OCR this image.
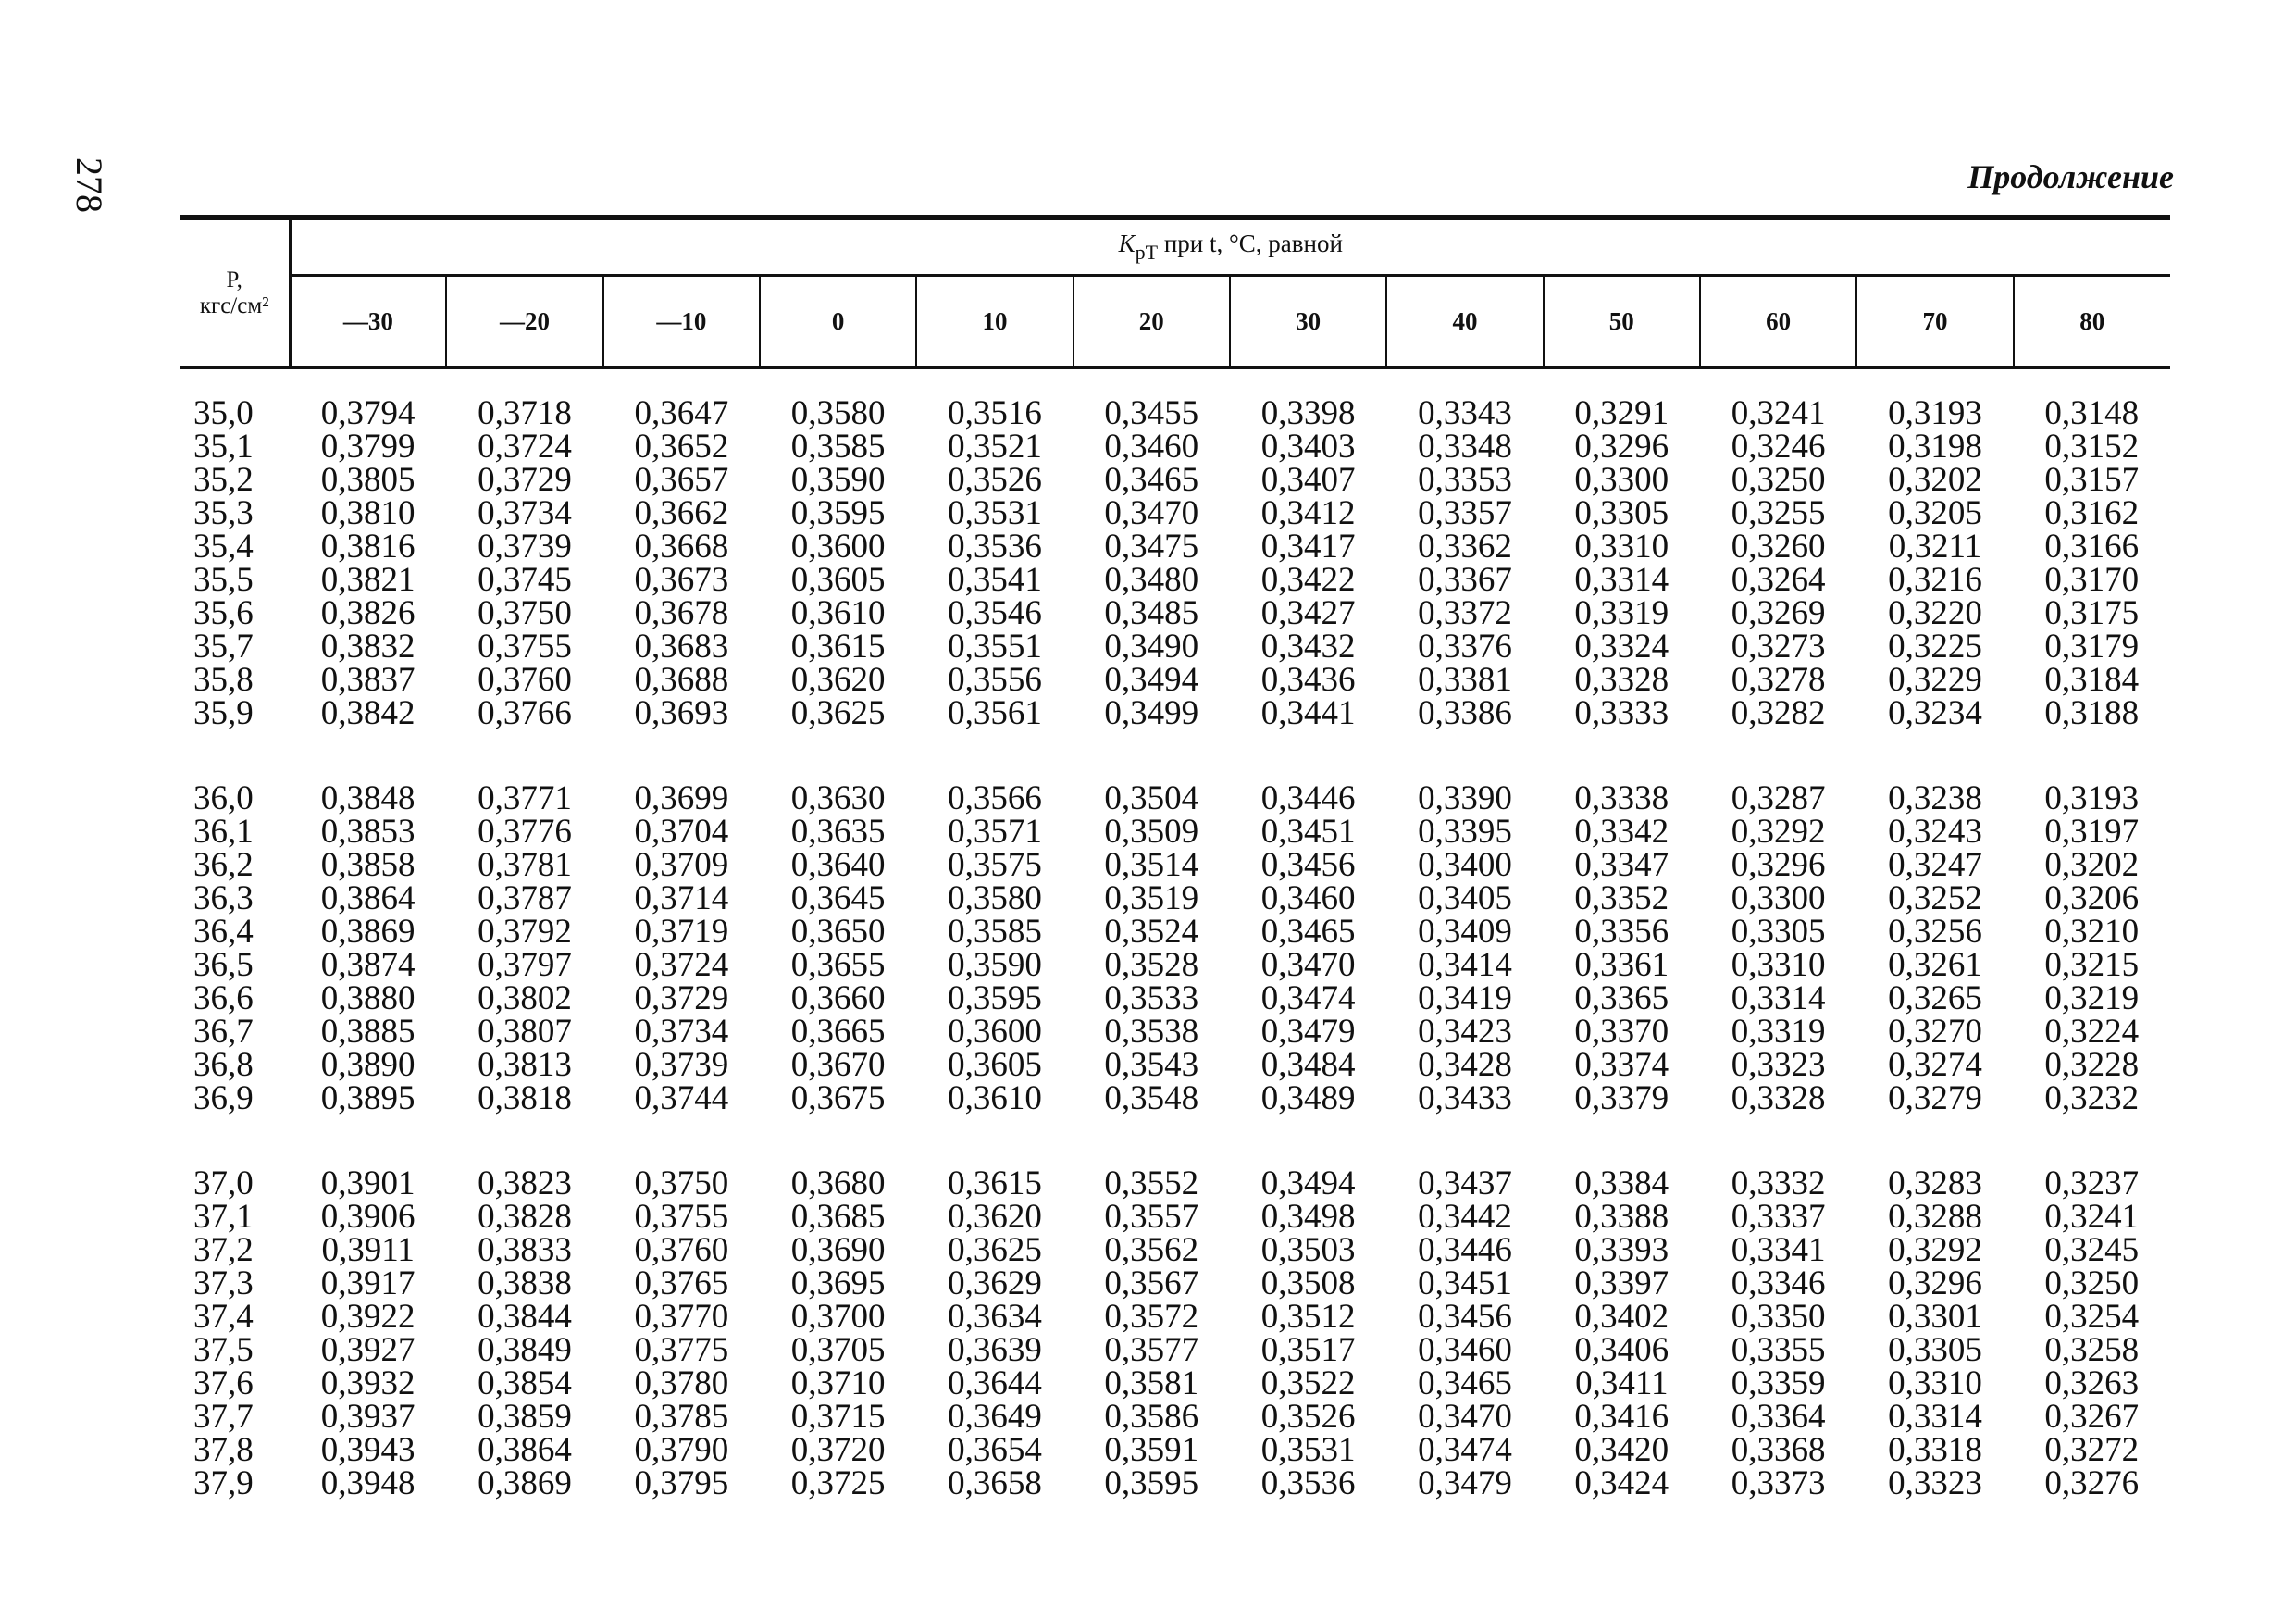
278	Продолжение
P,
кгс/см²	$K_{pT}$ при t, °C, равной											
	—30	—20	—10	0	10	20	30	40	50	60	70	80
35,0	0,3794	0,3718	0,3647	0,3580	0,3516	0,3455	0,3398	0,3343	0,3291	0,3241	0,3193	0,3148
35,1	0,3799	0,3724	0,3652	0,3585	0,3521	0,3460	0,3403	0,3348	0,3296	0,3246	0,3198	0,3152
35,2	0,3805	0,3729	0,3657	0,3590	0,3526	0,3465	0,3407	0,3353	0,3300	0,3250	0,3202	0,3157
35,3	0,3810	0,3734	0,3662	0,3595	0,3531	0,3470	0,3412	0,3357	0,3305	0,3255	0,3205	0,3162
35,4	0,3816	0,3739	0,3668	0,3600	0,3536	0,3475	0,3417	0,3362	0,3310	0,3260	0,3211	0,3166
35,5	0,3821	0,3745	0,3673	0,3605	0,3541	0,3480	0,3422	0,3367	0,3314	0,3264	0,3216	0,3170
35,6	0,3826	0,3750	0,3678	0,3610	0,3546	0,3485	0,3427	0,3372	0,3319	0,3269	0,3220	0,3175
35,7	0,3832	0,3755	0,3683	0,3615	0,3551	0,3490	0,3432	0,3376	0,3324	0,3273	0,3225	0,3179
35,8	0,3837	0,3760	0,3688	0,3620	0,3556	0,3494	0,3436	0,3381	0,3328	0,3278	0,3229	0,3184
35,9	0,3842	0,3766	0,3693	0,3625	0,3561	0,3499	0,3441	0,3386	0,3333	0,3282	0,3234	0,3188

36,0	0,3848	0,3771	0,3699	0,3630	0,3566	0,3504	0,3446	0,3390	0,3338	0,3287	0,3238	0,3193
36,1	0,3853	0,3776	0,3704	0,3635	0,3571	0,3509	0,3451	0,3395	0,3342	0,3292	0,3243	0,3197
36,2	0,3858	0,3781	0,3709	0,3640	0,3575	0,3514	0,3456	0,3400	0,3347	0,3296	0,3247	0,3202
36,3	0,3864	0,3787	0,3714	0,3645	0,3580	0,3519	0,3460	0,3405	0,3352	0,3300	0,3252	0,3206
36,4	0,3869	0,3792	0,3719	0,3650	0,3585	0,3524	0,3465	0,3409	0,3356	0,3305	0,3256	0,3210
36,5	0,3874	0,3797	0,3724	0,3655	0,3590	0,3528	0,3470	0,3414	0,3361	0,3310	0,3261	0,3215
36,6	0,3880	0,3802	0,3729	0,3660	0,3595	0,3533	0,3474	0,3419	0,3365	0,3314	0,3265	0,3219
36,7	0,3885	0,3807	0,3734	0,3665	0,3600	0,3538	0,3479	0,3423	0,3370	0,3319	0,3270	0,3224
36,8	0,3890	0,3813	0,3739	0,3670	0,3605	0,3543	0,3484	0,3428	0,3374	0,3323	0,3274	0,3228
36,9	0,3895	0,3818	0,3744	0,3675	0,3610	0,3548	0,3489	0,3433	0,3379	0,3328	0,3279	0,3232

37,0	0,3901	0,3823	0,3750	0,3680	0,3615	0,3552	0,3494	0,3437	0,3384	0,3332	0,3283	0,3237
37,1	0,3906	0,3828	0,3755	0,3685	0,3620	0,3557	0,3498	0,3442	0,3388	0,3337	0,3288	0,3241
37,2	0,3911	0,3833	0,3760	0,3690	0,3625	0,3562	0,3503	0,3446	0,3393	0,3341	0,3292	0,3245
37,3	0,3917	0,3838	0,3765	0,3695	0,3629	0,3567	0,3508	0,3451	0,3397	0,3346	0,3296	0,3250
37,4	0,3922	0,3844	0,3770	0,3700	0,3634	0,3572	0,3512	0,3456	0,3402	0,3350	0,3301	0,3254
37,5	0,3927	0,3849	0,3775	0,3705	0,3639	0,3577	0,3517	0,3460	0,3406	0,3355	0,3305	0,3258
37,6	0,3932	0,3854	0,3780	0,3710	0,3644	0,3581	0,3522	0,3465	0,3411	0,3359	0,3310	0,3263
37,7	0,3937	0,3859	0,3785	0,3715	0,3649	0,3586	0,3526	0,3470	0,3416	0,3364	0,3314	0,3267
37,8	0,3943	0,3864	0,3790	0,3720	0,3654	0,3591	0,3531	0,3474	0,3420	0,3368	0,3318	0,3272
37,9	0,3948	0,3869	0,3795	0,3725	0,3658	0,3595	0,3536	0,3479	0,3424	0,3373	0,3323	0,3276
